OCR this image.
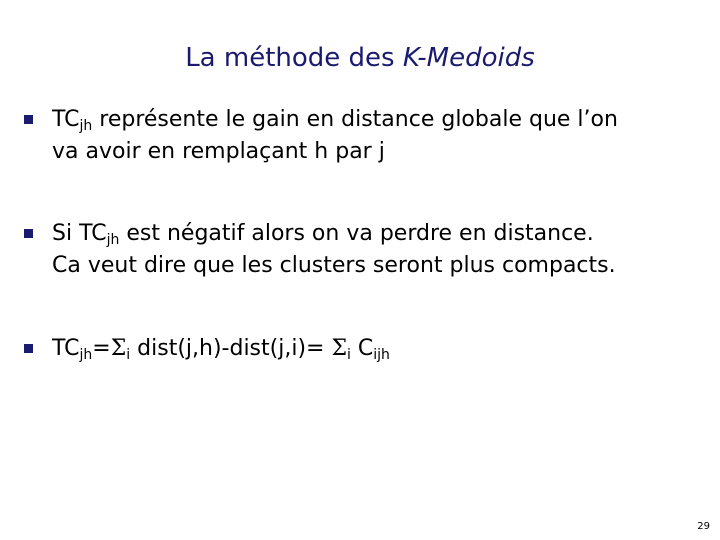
La méthode des K-Medoids
$TC_{jh}$ représente le gain en distance globale que l’on
va avoir en remplaçant h par j
Si $TC_{jh}$ est négatif alors on va perdre en distance.
Ca veut dire que les clusters seront plus compacts.
$TC_{jh}=\Sigma_i$ dist(j,h)-dist(j,i)= $\Sigma_i$ $C_{ijh}$
29
